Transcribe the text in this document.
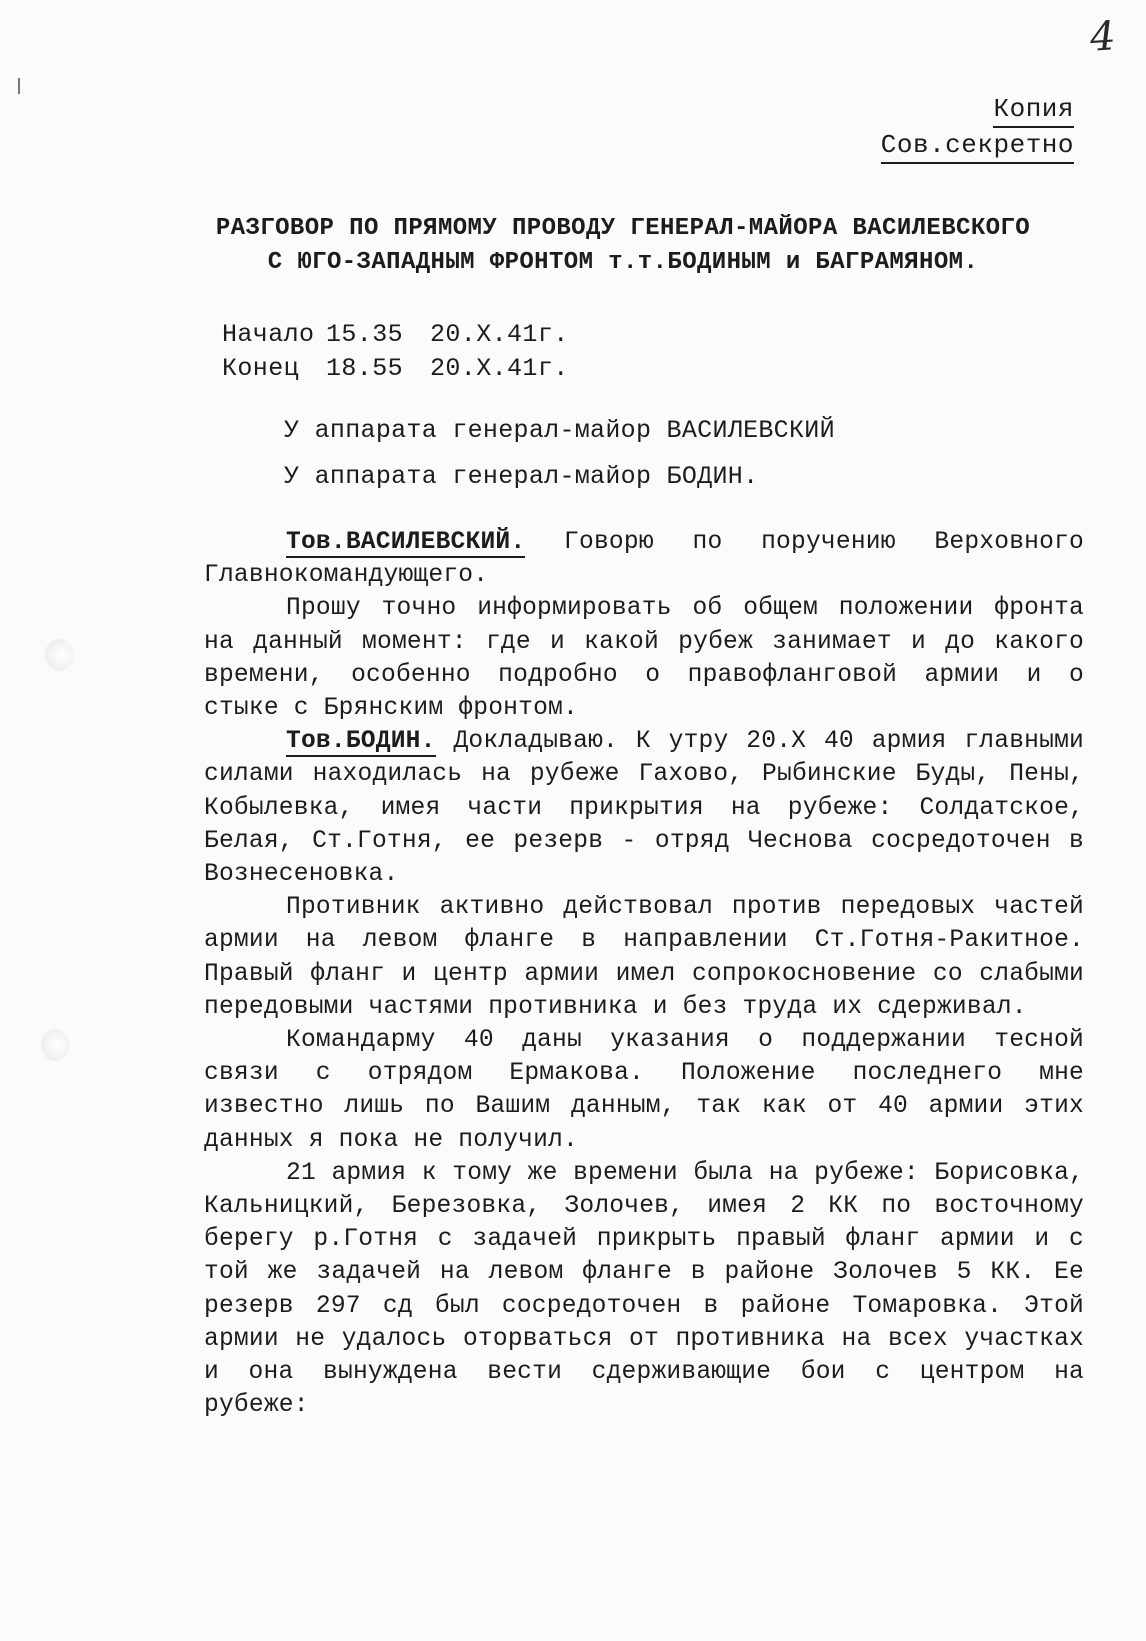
4
Копия
Сов.секретно
РАЗГОВОР ПО ПРЯМОМУ ПРОВОДУ ГЕНЕРАЛ-МАЙОРА ВАСИЛЕВСКОГО
С ЮГО-ЗАПАДНЫМ ФРОНТОМ т.т.БОДИНЫМ и БАГРАМЯНОМ.
Начало 15.35 20.X.41г.
Конец 18.55 20.X.41г.
У аппарата генерал-майор ВАСИЛЕВСКИЙ
У аппарата генерал-майор БОДИН.

Тов.ВАСИЛЕВСКИЙ. Говорю по поручению Верховного Главнокомандующего.

Прошу точно информировать об общем положении фронта на данный момент: где и какой рубеж занимает и до какого времени, особенно подробно о правофланговой армии и о стыке с Брянским фронтом.

Тов.БОДИН. Докладываю. К утру 20.X 40 армия главными силами находилась на рубеже Гахово, Рыбинские Буды, Пены, Кобылевка, имея части прикрытия на рубеже: Солдатское, Белая, Ст.Готня, ее резерв - отряд Чеснова сосредоточен в Вознесеновка.

Противник активно действовал против передовых частей армии на левом фланге в направлении Ст.Готня-Ракитное. Правый фланг и центр армии имел сопрокосновение со слабыми передовыми частями противника и без труда их сдерживал.

Командарму 40 даны указания о поддержании тесной связи с отрядом Ермакова. Положение последнего мне известно лишь по Вашим данным, так как от 40 армии этих данных я пока не получил.

21 армия к тому же времени была на рубеже: Борисовка, Кальницкий, Березовка, Золочев, имея 2 КК по восточному берегу р.Готня с задачей прикрыть правый фланг армии и с той же задачей на левом фланге в районе Золочев 5 КК. Ее резерв 297 сд был сосредоточен в районе Томаровка. Этой армии не удалось оторваться от противника на всех участках и она вынуждена вести сдерживающие бои с центром на рубеже:
